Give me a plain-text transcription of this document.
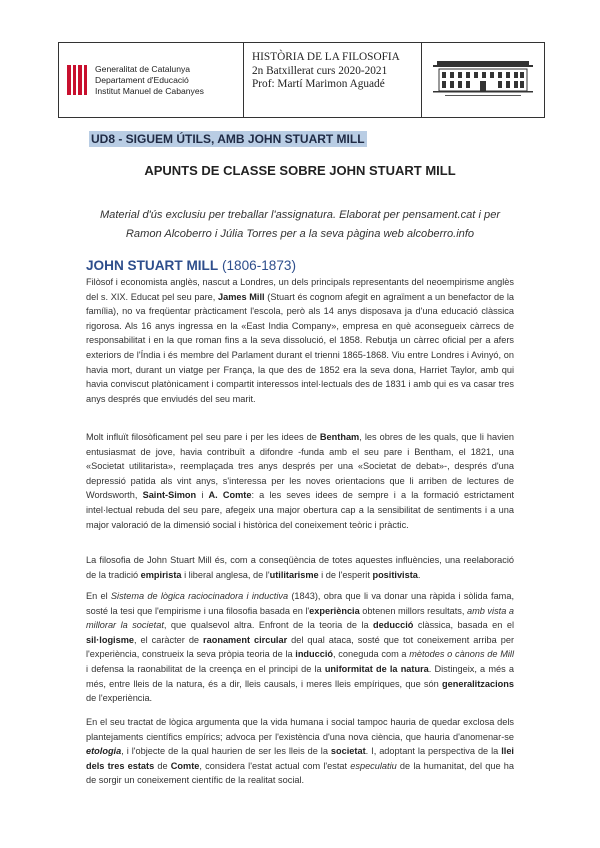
Generalitat de Catalunya
Departament d'Educació
Institut Manuel de Cabanyes
HISTÒRIA DE LA FILOSOFIA
2n Batxillerat curs 2020-2021
Prof: Martí Marimon Aguadé
UD8 - SIGUEM ÚTILS, AMB JOHN STUART MILL
APUNTS DE CLASSE SOBRE JOHN STUART MILL
Material d'ús exclusiu per treballar l'assignatura. Elaborat per pensament.cat i per Ramon Alcoberro i Júlia Torres per a la seva pàgina web alcoberro.info
JOHN STUART MILL (1806-1873)

Filòsof i economista anglès, nascut a Londres, un dels principals representants del neoempirisme anglès del s. XIX. Educat pel seu pare, James Mill (Stuart és cognom afegit en agraïment a un benefactor de la família), no va freqüentar pràcticament l'escola, però als 14 anys disposava ja d'una educació clàssica rigorosa. Als 16 anys ingressa en la «East India Company», empresa en què aconsegueix càrrecs de responsabilitat i en la que roman fins a la seva dissolució, el 1858. Rebutja un càrrec oficial per a afers exteriors de l'Índia i és membre del Parlament durant el trienni 1865-1868. Viu entre Londres i Avinyó, on havia mort, durant un viatge per França, la que des de 1852 era la seva dona, Harriet Taylor, amb qui havia conviscut platònicament i compartit interessos intel·lectuals des de 1831 i amb qui es va casar tres anys després que enviudés del seu marit.

Molt influït filosòficament pel seu pare i per les idees de Bentham, les obres de les quals, que li havien entusiasmat de jove, havia contribuït a difondre -funda amb el seu pare i Bentham, el 1821, una «Societat utilitarista», reemplaçada tres anys després per una «Societat de debat»-, després d'una depressió patida als vint anys, s'interessa per les noves orientacions que li arriben de lectures de Wordsworth, Saint-Simon i A. Comte: a les seves idees de sempre i a la formació estrictament intel·lectual rebuda del seu pare, afegeix una major obertura cap a la sensibilitat de sentiments i a una major valoració de la dimensió social i històrica del coneixement teòric i pràctic.

La filosofia de John Stuart Mill és, com a conseqüència de totes aquestes influències, una reelaboració de la tradició empirista i liberal anglesa, de l'utilitarisme i de l'esperit positivista.

En el Sistema de lògica raciocinadora i inductiva (1843), obra que li va donar una ràpida i sòlida fama, sosté la tesi que l'empirisme i una filosofia basada en l'experiència obtenen millors resultats, amb vista a millorar la societat, que qualsevol altra. Enfront de la teoria de la deducció clàssica, basada en el sil·logisme, el caràcter de raonament circular del qual ataca, sosté que tot coneixement arriba per l'experiència, construeix la seva pròpia teoria de la inducció, coneguda com a mètodes o cànons de Mill i defensa la raonabilitat de la creença en el principi de la uniformitat de la natura. Distingeix, a més a més, entre lleis de la natura, és a dir, lleis causals, i meres lleis empíriques, que són generalitzacions de l'experiència.

En el seu tractat de lògica argumenta que la vida humana i social tampoc hauria de quedar exclosa dels plantejaments científics empírics; advoca per l'existència d'una nova ciència, que hauria d'anomenar-se etologia, i l'objecte de la qual haurien de ser les lleis de la societat. I, adoptant la perspectiva de la llei dels tres estats de Comte, considera l'estat actual com l'estat especulatiu de la humanitat, del que ha de sorgir un coneixement científic de la realitat social.
